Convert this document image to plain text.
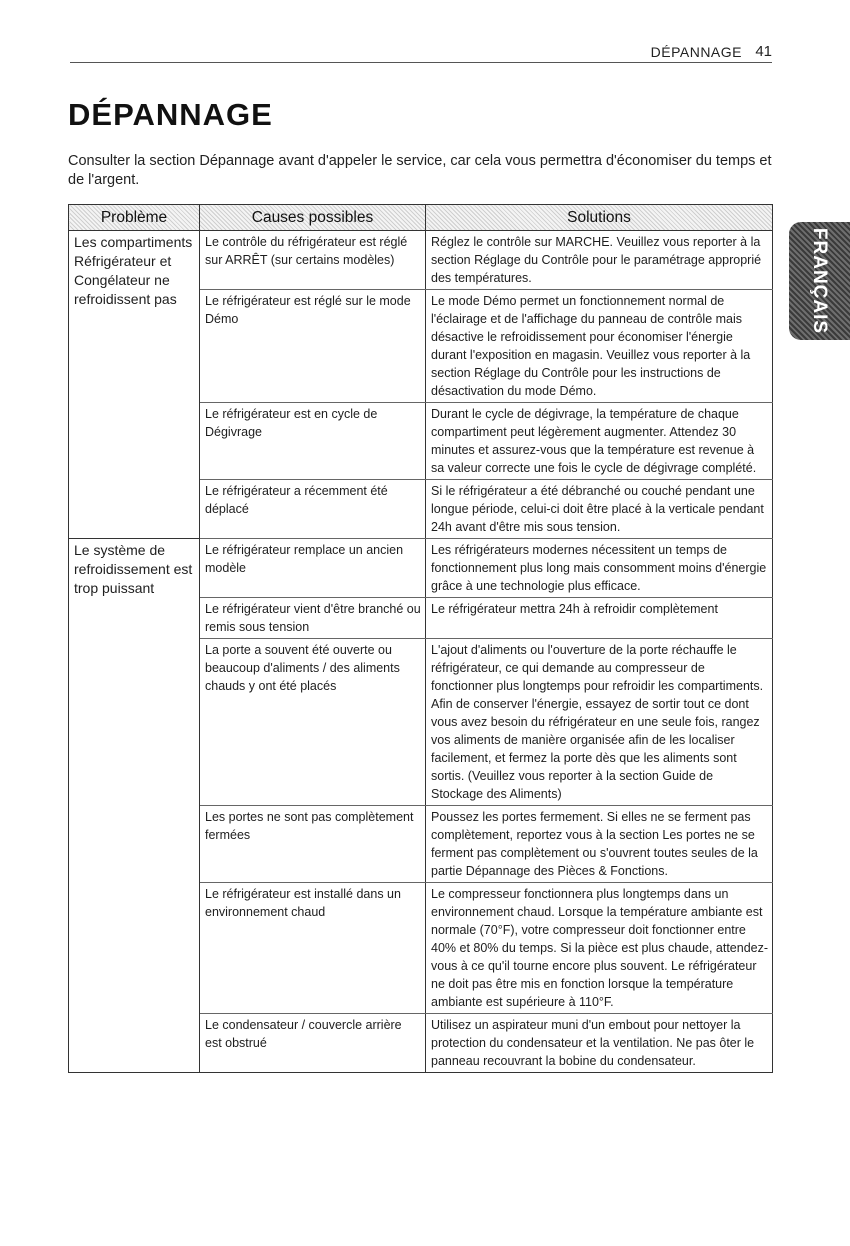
DÉPANNAGE 41
DÉPANNAGE

Consulter la section Dépannage avant d'appeler le service, car cela vous permettra d'économiser du temps et de l'argent.

FRANÇAIS
Problème	Causes possibles	Solutions
Les compartiments Réfrigérateur et Congélateur ne refroidissent pas	Le contrôle du réfrigérateur est réglé sur ARRÊT (sur certains modèles)	Réglez le contrôle sur MARCHE. Veuillez vous reporter à la section Réglage du Contrôle pour le paramétrage approprié des températures.
	Le réfrigérateur est réglé sur le mode Démo	Le mode Démo permet un fonctionnement normal de l'éclairage et de l'affichage du panneau de contrôle mais désactive le refroidissement pour économiser l'énergie durant l'exposition en magasin. Veuillez vous reporter à la section Réglage du Contrôle pour les instructions de désactivation du mode Démo.
	Le réfrigérateur est en cycle de Dégivrage	Durant le cycle de dégivrage, la température de chaque compartiment peut légèrement augmenter. Attendez 30 minutes et assurez-vous que la température est revenue à sa valeur correcte une fois le cycle de dégivrage complété.
	Le réfrigérateur a récemment été déplacé	Si le réfrigérateur a été débranché ou couché pendant une longue période, celui-ci doit être placé à la verticale pendant 24h avant d'être mis sous tension.
Le système de refroidissement est trop puissant	Le réfrigérateur remplace un ancien modèle	Les réfrigérateurs modernes nécessitent un temps de fonctionnement plus long mais consomment moins d'énergie grâce à une technologie plus efficace.
	Le réfrigérateur vient d'être branché ou remis sous tension	Le réfrigérateur mettra 24h à refroidir complètement
	La porte a souvent été ouverte ou beaucoup d'aliments / des aliments chauds y ont été placés	L'ajout d'aliments ou l'ouverture de la porte réchauffe le réfrigérateur, ce qui demande au compresseur de fonctionner plus longtemps pour refroidir les compartiments. Afin de conserver l'énergie, essayez de sortir tout ce dont vous avez besoin du réfrigérateur en une seule fois, rangez vos aliments de manière organisée afin de les localiser facilement, et fermez la porte dès que les aliments sont sortis. (Veuillez vous reporter à la section Guide de Stockage des Aliments)
	Les portes ne sont pas complètement fermées	Poussez les portes fermement. Si elles ne se ferment pas complètement, reportez vous à la section Les portes ne se ferment pas complètement ou s'ouvrent toutes seules de la partie Dépannage des Pièces & Fonctions.
	Le réfrigérateur est installé dans un environnement chaud	Le compresseur fonctionnera plus longtemps dans un environnement chaud. Lorsque la température ambiante est normale (70°F), votre compresseur doit fonctionner entre 40% et 80% du temps. Si la pièce est plus chaude, attendez-vous à ce qu'il tourne encore plus souvent. Le réfrigérateur ne doit pas être mis en fonction lorsque la température ambiante est supérieure à 110°F.
	Le condensateur / couvercle arrière est obstrué	Utilisez un aspirateur muni d'un embout pour nettoyer la protection du condensateur et la ventilation. Ne pas ôter le panneau recouvrant la bobine du condensateur.
